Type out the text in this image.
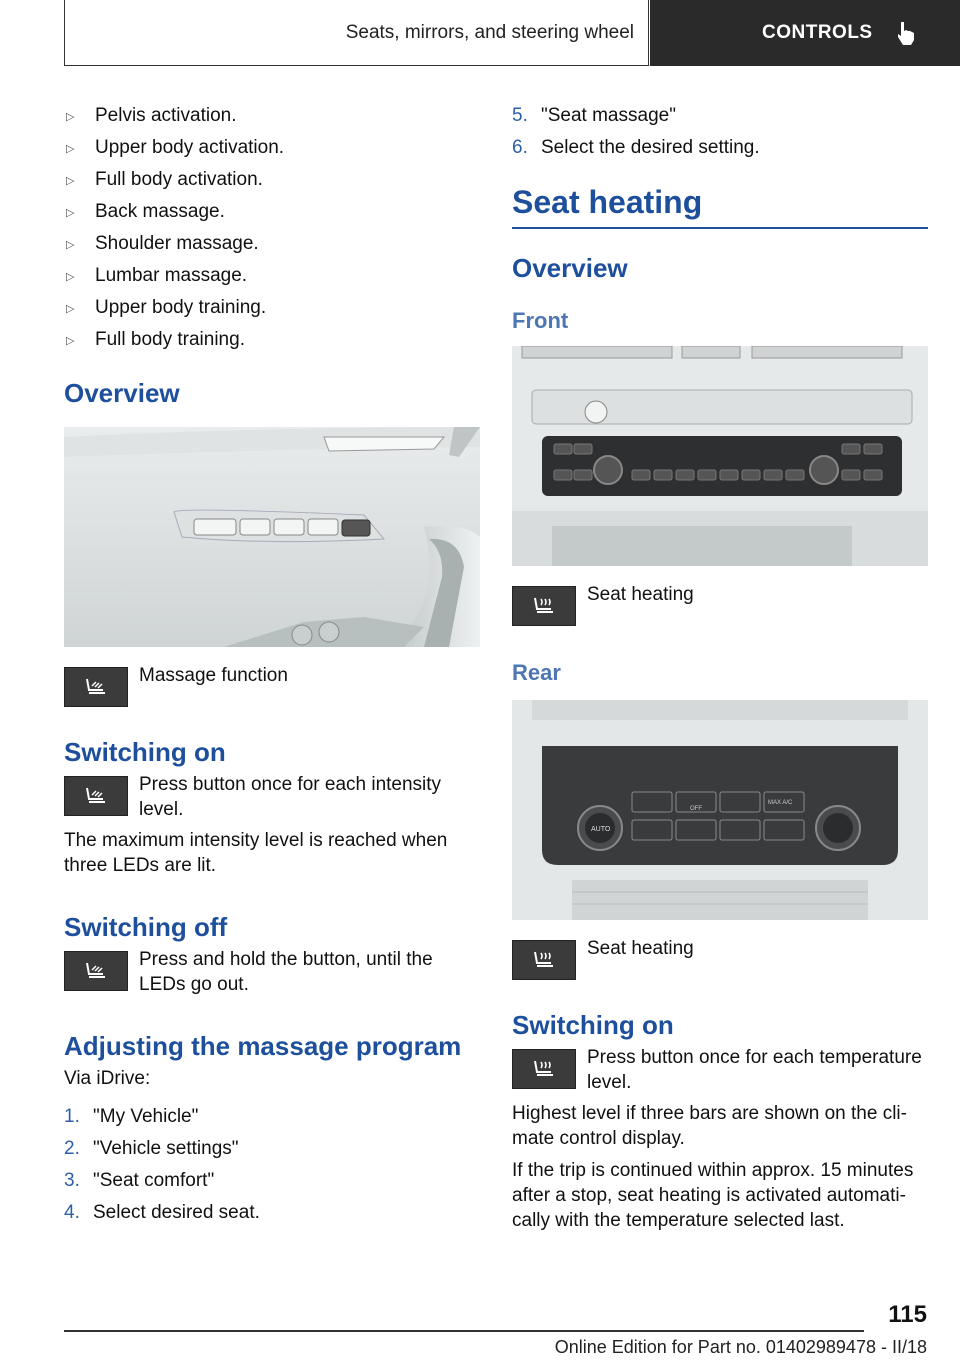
Seats, mirrors, and steering wheel	CONTROLS
▷ Pelvis activation.
▷ Upper body activation.
▷ Full body activation.
▷ Back massage.
▷ Shoulder massage.
▷ Lumbar massage.
▷ Upper body training.
▷ Full body training.
Overview
Massage function
Switching on
Press button once for each intensity level.
The maximum intensity level is reached when three LEDs are lit.
Switching off
Press and hold the button, until the LEDs go out.
Adjusting the massage program
Via iDrive:
1. "My Vehicle"
2. "Vehicle settings"
3. "Seat comfort"
4. Select desired seat.
5. "Seat massage"
6. Select the desired setting.
Seat heating
Overview
Front
Seat heating
Rear
AUTO
OFF
MAX A/C
Seat heating
Switching on
Press button once for each temperature level.
Highest level if three bars are shown on the cli-mate control display.
If the trip is continued within approx. 15 minutes after a stop, seat heating is activated automati-cally with the temperature selected last.
115
Online Edition for Part no. 01402989478 - II/18
